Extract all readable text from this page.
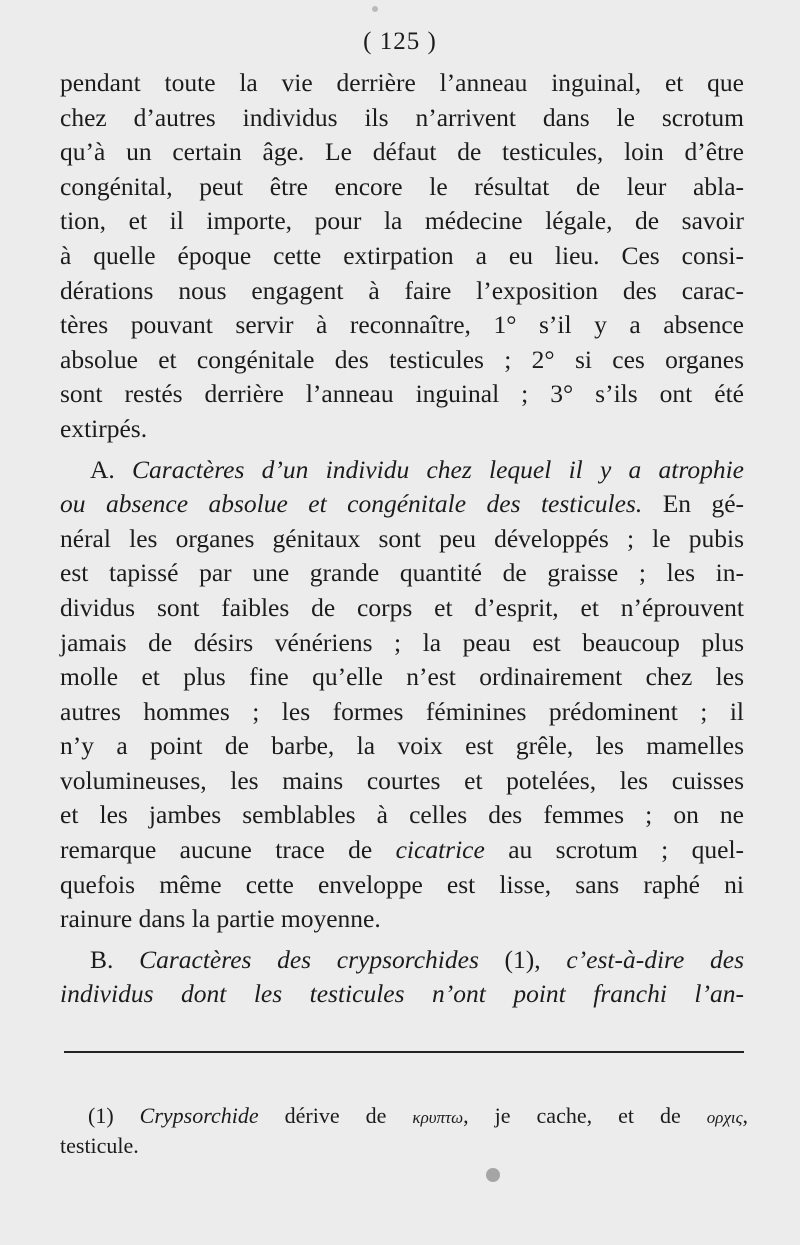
( 125 )
pendant toute la vie derrière l’anneau inguinal, et que
chez d’autres individus ils n’arrivent dans le scrotum
qu’à un certain âge. Le défaut de testicules, loin d’être
congénital, peut être encore le résultat de leur abla-
tion, et il importe, pour la médecine légale, de savoir
à quelle époque cette extirpation a eu lieu. Ces consi-
dérations nous engagent à faire l’exposition des carac-
tères pouvant servir à reconnaître, 1° s’il y a absence
absolue et congénitale des testicules ; 2° si ces organes
sont restés derrière l’anneau inguinal ; 3° s’ils ont été
extirpés.
A. Caractères d’un individu chez lequel il y a atrophie
ou absence absolue et congénitale des testicules. En gé-
néral les organes génitaux sont peu développés ; le pubis
est tapissé par une grande quantité de graisse ; les in-
dividus sont faibles de corps et d’esprit, et n’éprouvent
jamais de désirs vénériens ; la peau est beaucoup plus
molle et plus fine qu’elle n’est ordinairement chez les
autres hommes ; les formes féminines prédominent ; il
n’y a point de barbe, la voix est grêle, les mamelles
volumineuses, les mains courtes et potelées, les cuisses
et les jambes semblables à celles des femmes ; on ne
remarque aucune trace de cicatrice au scrotum ; quel-
quefois même cette enveloppe est lisse, sans raphé ni
rainure dans la partie moyenne.
B. Caractères des crypsorchides (1), c’est-à-dire des
individus dont les testicules n’ont point franchi l’an-
(1) Crypsorchide dérive de κρυπτω, je cache, et de ορχις,
testicule.
